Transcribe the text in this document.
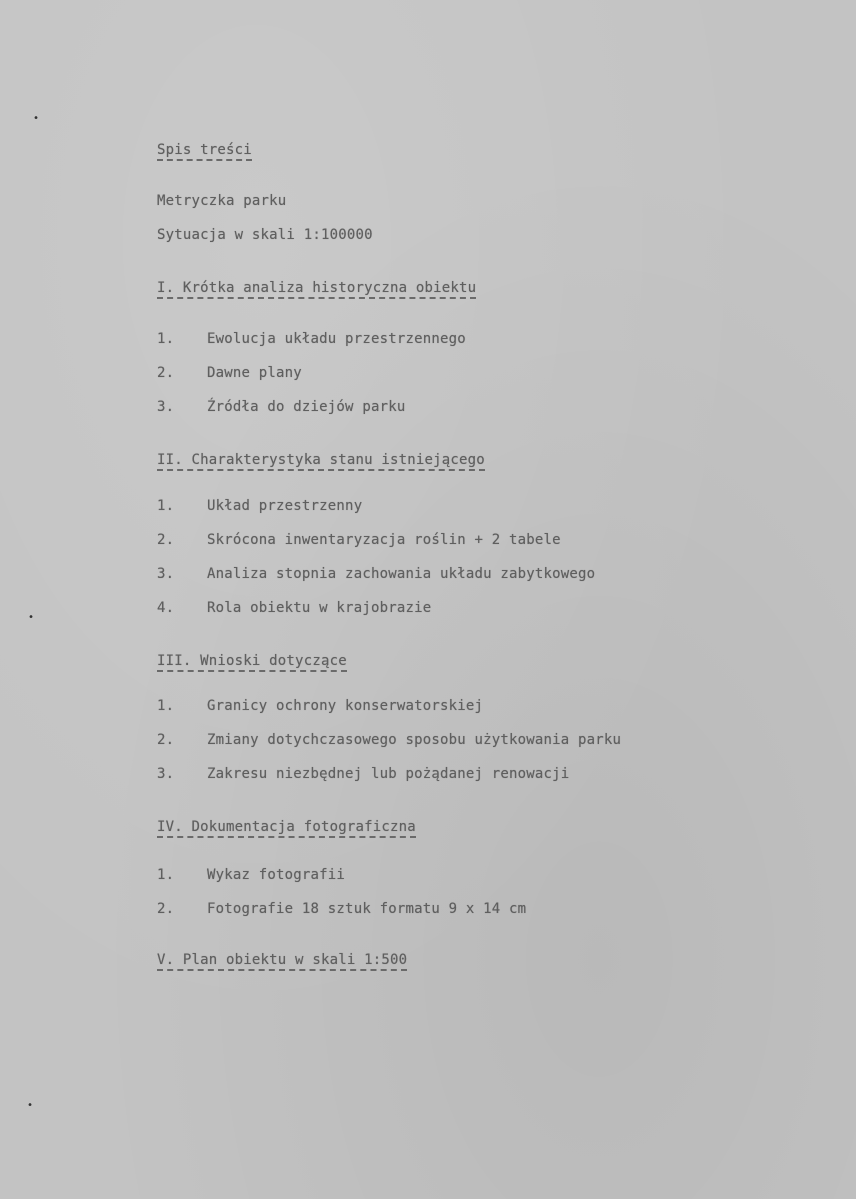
•
•
•
Spis treści
Metryczka parku
Sytuacja w skali 1:100000
I. Krótka analiza historyczna obiektu
1. Ewolucja układu przestrzennego
2. Dawne plany
3. Źródła do dziejów parku
II. Charakterystyka stanu istniejącego
1. Układ przestrzenny
2. Skrócona inwentaryzacja roślin + 2 tabele
3. Analiza stopnia zachowania układu zabytkowego
4. Rola obiektu w krajobrazie
III. Wnioski dotyczące
1. Granicy ochrony konserwatorskiej
2. Zmiany dotychczasowego sposobu użytkowania parku
3. Zakresu niezbędnej lub pożądanej renowacji
IV. Dokumentacja fotograficzna
1. Wykaz fotografii
2. Fotografie 18 sztuk formatu 9 x 14 cm
V. Plan obiektu w skali 1:500
